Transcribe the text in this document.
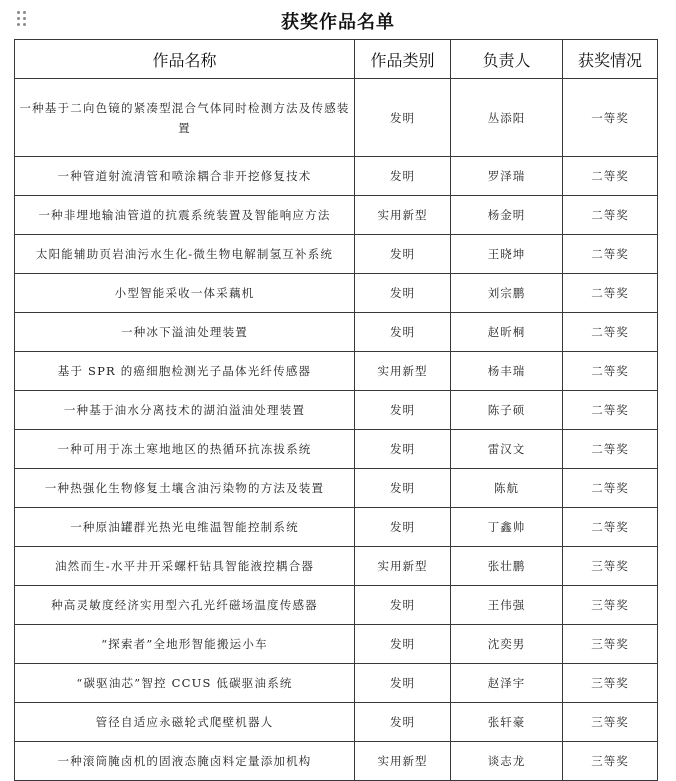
获奖作品名单
作品名称	作品类别	负责人	获奖情况
一种基于二向色镜的紧凑型混合气体同时检测方法及传感装置	发明	丛添阳	一等奖
一种管道射流清管和喷涂耦合非开挖修复技术	发明	罗泽瑞	二等奖
一种非埋地输油管道的抗震系统装置及智能响应方法	实用新型	杨金明	二等奖
太阳能辅助页岩油污水生化-微生物电解制氢互补系统	发明	王晓坤	二等奖
小型智能采收一体采藕机	发明	刘宗鹏	二等奖
一种冰下溢油处理装置	发明	赵昕桐	二等奖
基于 SPR 的癌细胞检测光子晶体光纤传感器	实用新型	杨丰瑞	二等奖
一种基于油水分离技术的湖泊溢油处理装置	发明	陈子硕	二等奖
一种可用于冻土寒地地区的热循环抗冻拔系统	发明	雷汉文	二等奖
一种热强化生物修复土壤含油污染物的方法及装置	发明	陈航	二等奖
一种原油罐群光热光电维温智能控制系统	发明	丁鑫帅	二等奖
油然而生-水平井开采螺杆钻具智能液控耦合器	实用新型	张壮鹏	三等奖
种高灵敏度经济实用型六孔光纤磁场温度传感器	发明	王伟强	三等奖
“探索者”全地形智能搬运小车	发明	沈奕男	三等奖
“碳驱油芯”智控 CCUS 低碳驱油系统	发明	赵泽宇	三等奖
管径自适应永磁轮式爬壁机器人	发明	张轩豪	三等奖
一种滚筒腌卤机的固液态腌卤料定量添加机构	实用新型	谈志龙	三等奖
